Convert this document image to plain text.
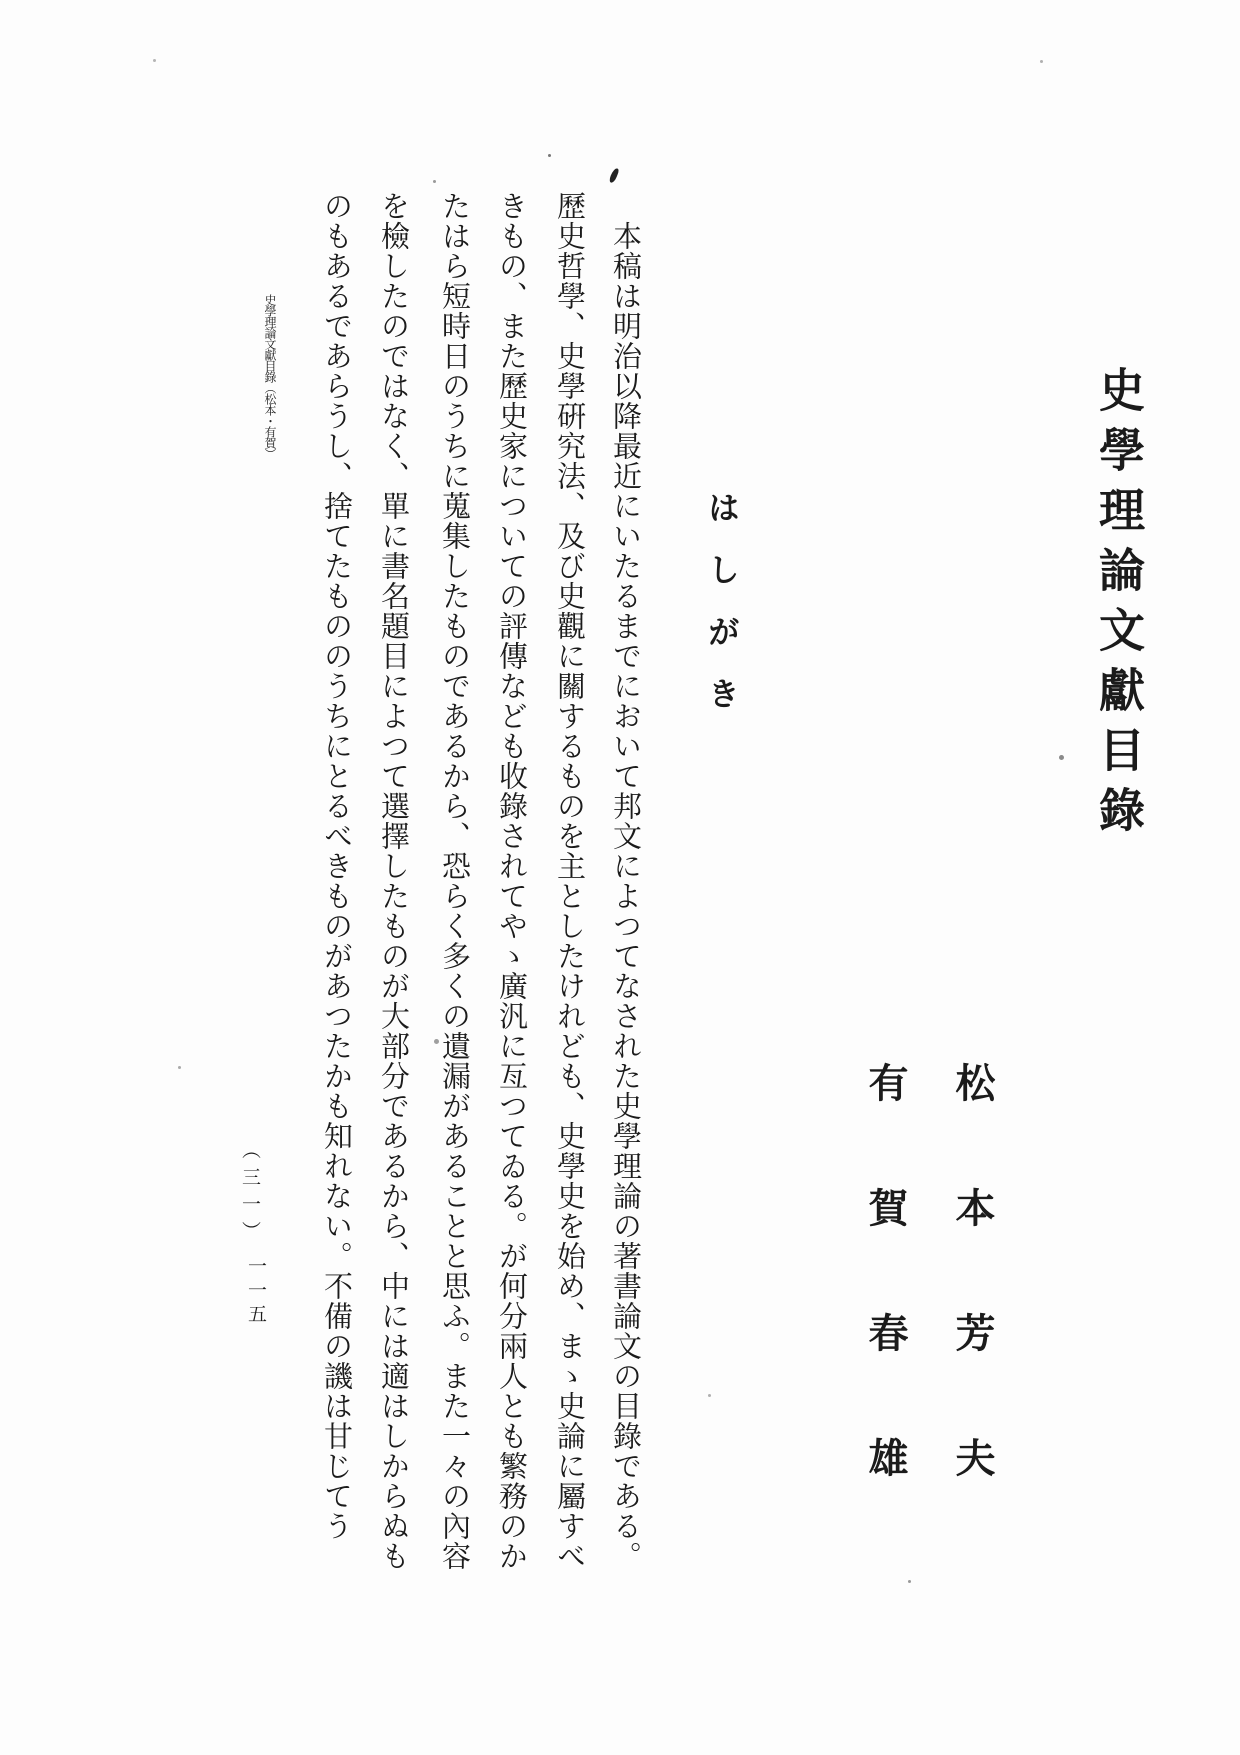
史學理論文獻目錄
松本芳夫
有賀春雄
はしがき
本稿は明治以降最近にいたるまでにおいて邦文によつてなされた史學理論の著書論文の目錄である。
歷史哲學、史學硏究法、及び史觀に關するものを主としたけれども、史學史を始め、まゝ史論に屬すべ
きもの、また歷史家についての評傳なども收錄されてやゝ廣汎に亙つてゐる。が何分兩人とも繁務のか
たはら短時日のうちに蒐集したものであるから、恐らく多くの遺漏があることと思ふ。また一々の內容
を檢したのではなく、單に書名題目によつて選擇したものが大部分であるから、中には適はしからぬも
のもあるであらうし、捨てたもののうちにとるべきものがあつたかも知れない。不備の譏は甘じてう
史學理論文獻目錄︵松本・有賀︶
︵三一︶
一一五
